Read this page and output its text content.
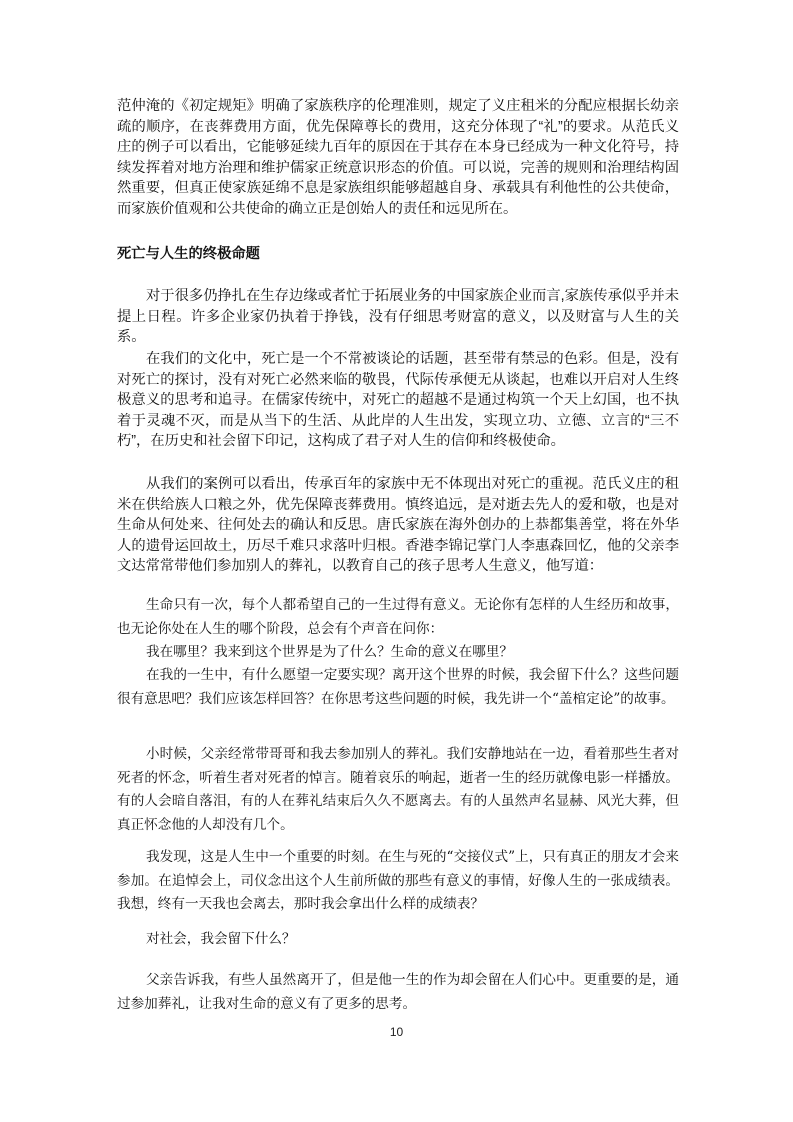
范仲淹的《初定规矩》明确了家族秩序的伦理准则，规定了义庄租米的分配应根据长幼亲疏的顺序，在丧葬费用方面，优先保障尊长的费用，这充分体现了“礼”的要求。从范氏义庄的例子可以看出，它能够延续九百年的原因在于其存在本身已经成为一种文化符号，持续发挥着对地方治理和维护儒家正统意识形态的价值。可以说，完善的规则和治理结构固然重要，但真正使家族延绵不息是家族组织能够超越自身、承载具有利他性的公共使命，而家族价值观和公共使命的确立正是创始人的责任和远见所在。

死亡与人生的终极命题

对于很多仍挣扎在生存边缘或者忙于拓展业务的中国家族企业而言,家族传承似乎并未提上日程。许多企业家仍执着于挣钱，没有仔细思考财富的意义，以及财富与人生的关系。

在我们的文化中，死亡是一个不常被谈论的话题，甚至带有禁忌的色彩。但是，没有对死亡的探讨，没有对死亡必然来临的敬畏，代际传承便无从谈起，也难以开启对人生终极意义的思考和追寻。在儒家传统中，对死亡的超越不是通过构筑一个天上幻国，也不执着于灵魂不灭，而是从当下的生活、从此岸的人生出发，实现立功、立德、立言的“三不朽”，在历史和社会留下印记，这构成了君子对人生的信仰和终极使命。

从我们的案例可以看出，传承百年的家族中无不体现出对死亡的重视。范氏义庄的租米在供给族人口粮之外，优先保障丧葬费用。慎终追远，是对逝去先人的爱和敬，也是对生命从何处来、往何处去的确认和反思。唐氏家族在海外创办的上恭都集善堂，将在外华人的遗骨运回故土，历尽千难只求落叶归根。香港李锦记掌门人李惠森回忆，他的父亲李文达常常带他们参加别人的葬礼，以教育自己的孩子思考人生意义，他写道：

生命只有一次，每个人都希望自己的一生过得有意义。无论你有怎样的人生经历和故事，也无论你处在人生的哪个阶段，总会有个声音在问你：

我在哪里？我来到这个世界是为了什么？生命的意义在哪里？

在我的一生中，有什么愿望一定要实现？离开这个世界的时候，我会留下什么？这些问题很有意思吧？我们应该怎样回答？在你思考这些问题的时候，我先讲一个“盖棺定论”的故事。

小时候，父亲经常带哥哥和我去参加别人的葬礼。我们安静地站在一边，看着那些生者对死者的怀念，听着生者对死者的悼言。随着哀乐的响起，逝者一生的经历就像电影一样播放。有的人会暗自落泪，有的人在葬礼结束后久久不愿离去。有的人虽然声名显赫、风光大葬，但真正怀念他的人却没有几个。

我发现，这是人生中一个重要的时刻。在生与死的“交接仪式”上，只有真正的朋友才会来参加。在追悼会上，司仪念出这个人生前所做的那些有意义的事情，好像人生的一张成绩表。我想，终有一天我也会离去，那时我会拿出什么样的成绩表？

对社会，我会留下什么？

父亲告诉我，有些人虽然离开了，但是他一生的作为却会留在人们心中。更重要的是，通过参加葬礼，让我对生命的意义有了更多的思考。

10
